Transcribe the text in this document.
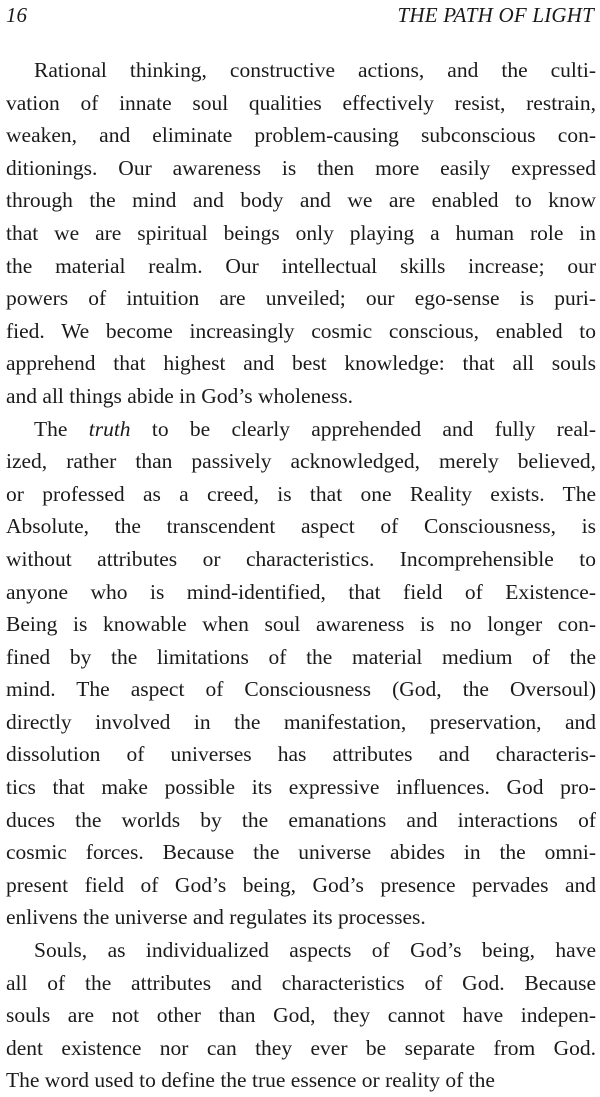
16	THE PATH OF LIGHT
Rational thinking, constructive actions, and the culti-
vation of innate soul qualities effectively resist, restrain,
weaken, and eliminate problem-causing subconscious con-
ditionings. Our awareness is then more easily expressed
through the mind and body and we are enabled to know
that we are spiritual beings only playing a human role in
the material realm. Our intellectual skills increase; our
powers of intuition are unveiled; our ego-sense is puri-
fied. We become increasingly cosmic conscious, enabled to
apprehend that highest and best knowledge: that all souls
and all things abide in God’s wholeness.
The truth to be clearly apprehended and fully real-
ized, rather than passively acknowledged, merely believed,
or professed as a creed, is that one Reality exists. The
Absolute, the transcendent aspect of Consciousness, is
without attributes or characteristics. Incomprehensible to
anyone who is mind-identified, that field of Existence-
Being is knowable when soul awareness is no longer con-
fined by the limitations of the material medium of the
mind. The aspect of Consciousness (God, the Oversoul)
directly involved in the manifestation, preservation, and
dissolution of universes has attributes and characteris-
tics that make possible its expressive influences. God pro-
duces the worlds by the emanations and interactions of
cosmic forces. Because the universe abides in the omni-
present field of God’s being, God’s presence pervades and
enlivens the universe and regulates its processes.
Souls, as individualized aspects of God’s being, have
all of the attributes and characteristics of God. Because
souls are not other than God, they cannot have indepen-
dent existence nor can they ever be separate from God.
The word used to define the true essence or reality of the
